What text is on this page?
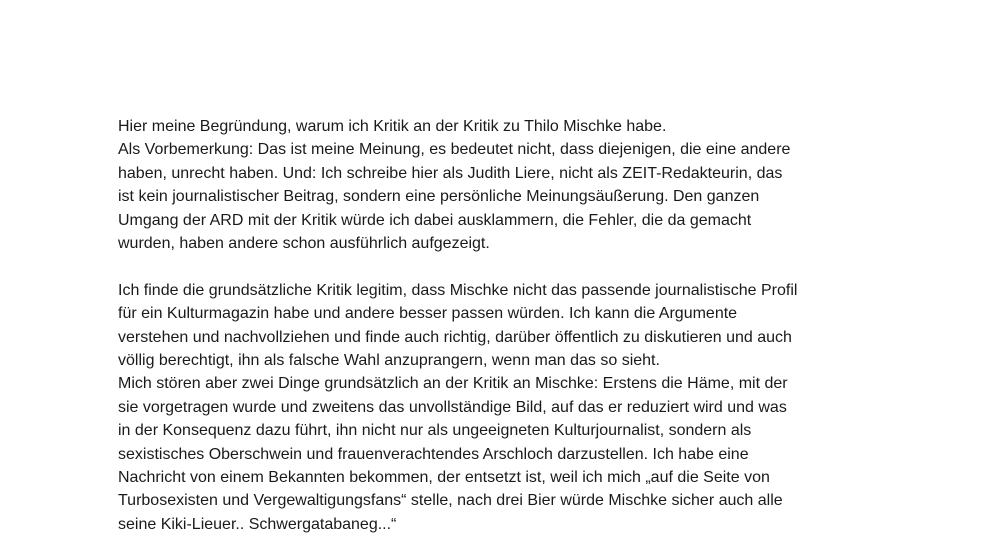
Hier meine Begründung, warum ich Kritik an der Kritik zu Thilo Mischke habe.
Als Vorbemerkung: Das ist meine Meinung, es bedeutet nicht, dass diejenigen, die eine andere
haben, unrecht haben. Und: Ich schreibe hier als Judith Liere, nicht als ZEIT-Redakteurin, das
ist kein journalistischer Beitrag, sondern eine persönliche Meinungsäußerung. Den ganzen
Umgang der ARD mit der Kritik würde ich dabei ausklammern, die Fehler, die da gemacht
wurden, haben andere schon ausführlich aufgezeigt.
Ich finde die grundsätzliche Kritik legitim, dass Mischke nicht das passende journalistische Profil
für ein Kulturmagazin habe und andere besser passen würden. Ich kann die Argumente
verstehen und nachvollziehen und finde auch richtig, darüber öffentlich zu diskutieren und auch
völlig berechtigt, ihn als falsche Wahl anzuprangern, wenn man das so sieht.
Mich stören aber zwei Dinge grundsätzlich an der Kritik an Mischke: Erstens die Häme, mit der
sie vorgetragen wurde und zweitens das unvollständige Bild, auf das er reduziert wird und was
in der Konsequenz dazu führt, ihn nicht nur als ungeeigneten Kulturjournalist, sondern als
sexistisches Oberschwein und frauenverachtendes Arschloch darzustellen. Ich habe eine
Nachricht von einem Bekannten bekommen, der entsetzt ist, weil ich mich „auf die Seite von
Turbosexisten und Vergewaltigungsfans“ stelle, nach drei Bier würde Mischke sicher auch alle
seine Kiki-Lieuer.. Schwergatabaneg...“
